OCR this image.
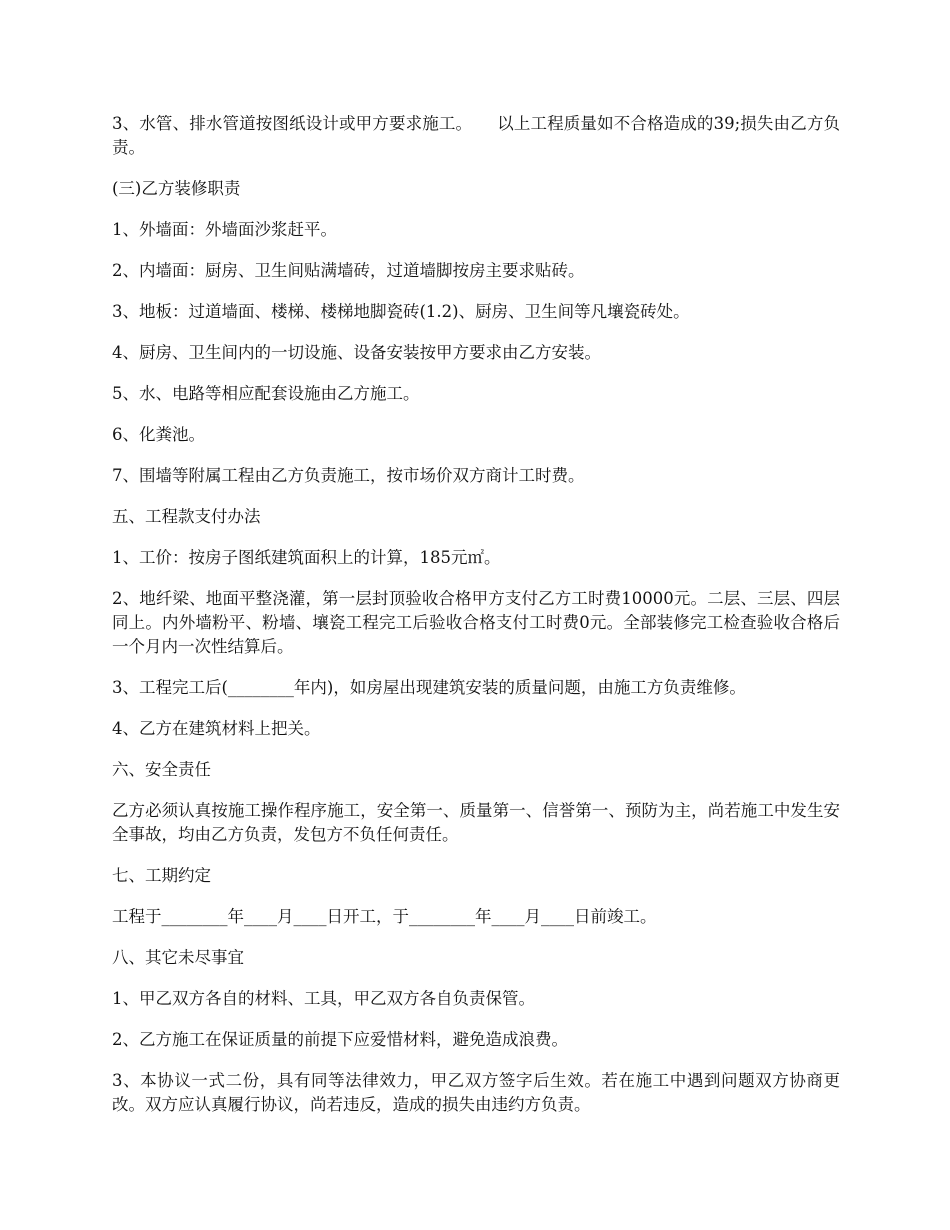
3、水管、排水管道按图纸设计或甲方要求施工。　　以上工程质量如不合格造成的39;损失由乙方负责。

(三)乙方装修职责

1、外墙面：外墙面沙浆赶平。

2、内墙面：厨房、卫生间贴满墙砖，过道墙脚按房主要求贴砖。

3、地板：过道墙面、楼梯、楼梯地脚瓷砖(1.2)、厨房、卫生间等凡壤瓷砖处。

4、厨房、卫生间内的一切设施、设备安装按甲方要求由乙方安装。

5、水、电路等相应配套设施由乙方施工。

6、化粪池。

7、围墙等附属工程由乙方负责施工，按市场价双方商计工时费。

五、工程款支付办法

1、工价：按房子图纸建筑面积上的计算，185元㎡。

2、地纤梁、地面平整浇灌，第一层封顶验收合格甲方支付乙方工时费10000元。二层、三层、四层同上。内外墙粉平、粉墙、壤瓷工程完工后验收合格支付工时费0元。全部装修完工检查验收合格后一个月内一次性结算后。

3、工程完工后(________年内)，如房屋出现建筑安装的质量问题，由施工方负责维修。

4、乙方在建筑材料上把关。

六、安全责任

乙方必须认真按施工操作程序施工，安全第一、质量第一、信誉第一、预防为主，尚若施工中发生安全事故，均由乙方负责，发包方不负任何责任。

七、工期约定

工程于________年____月____日开工，于________年____月____日前竣工。

八、其它未尽事宜

1、甲乙双方各自的材料、工具，甲乙双方各自负责保管。

2、乙方施工在保证质量的前提下应爱惜材料，避免造成浪费。

3、本协议一式二份，具有同等法律效力，甲乙双方签字后生效。若在施工中遇到问题双方协商更改。双方应认真履行协议，尚若违反，造成的损失由违约方负责。
